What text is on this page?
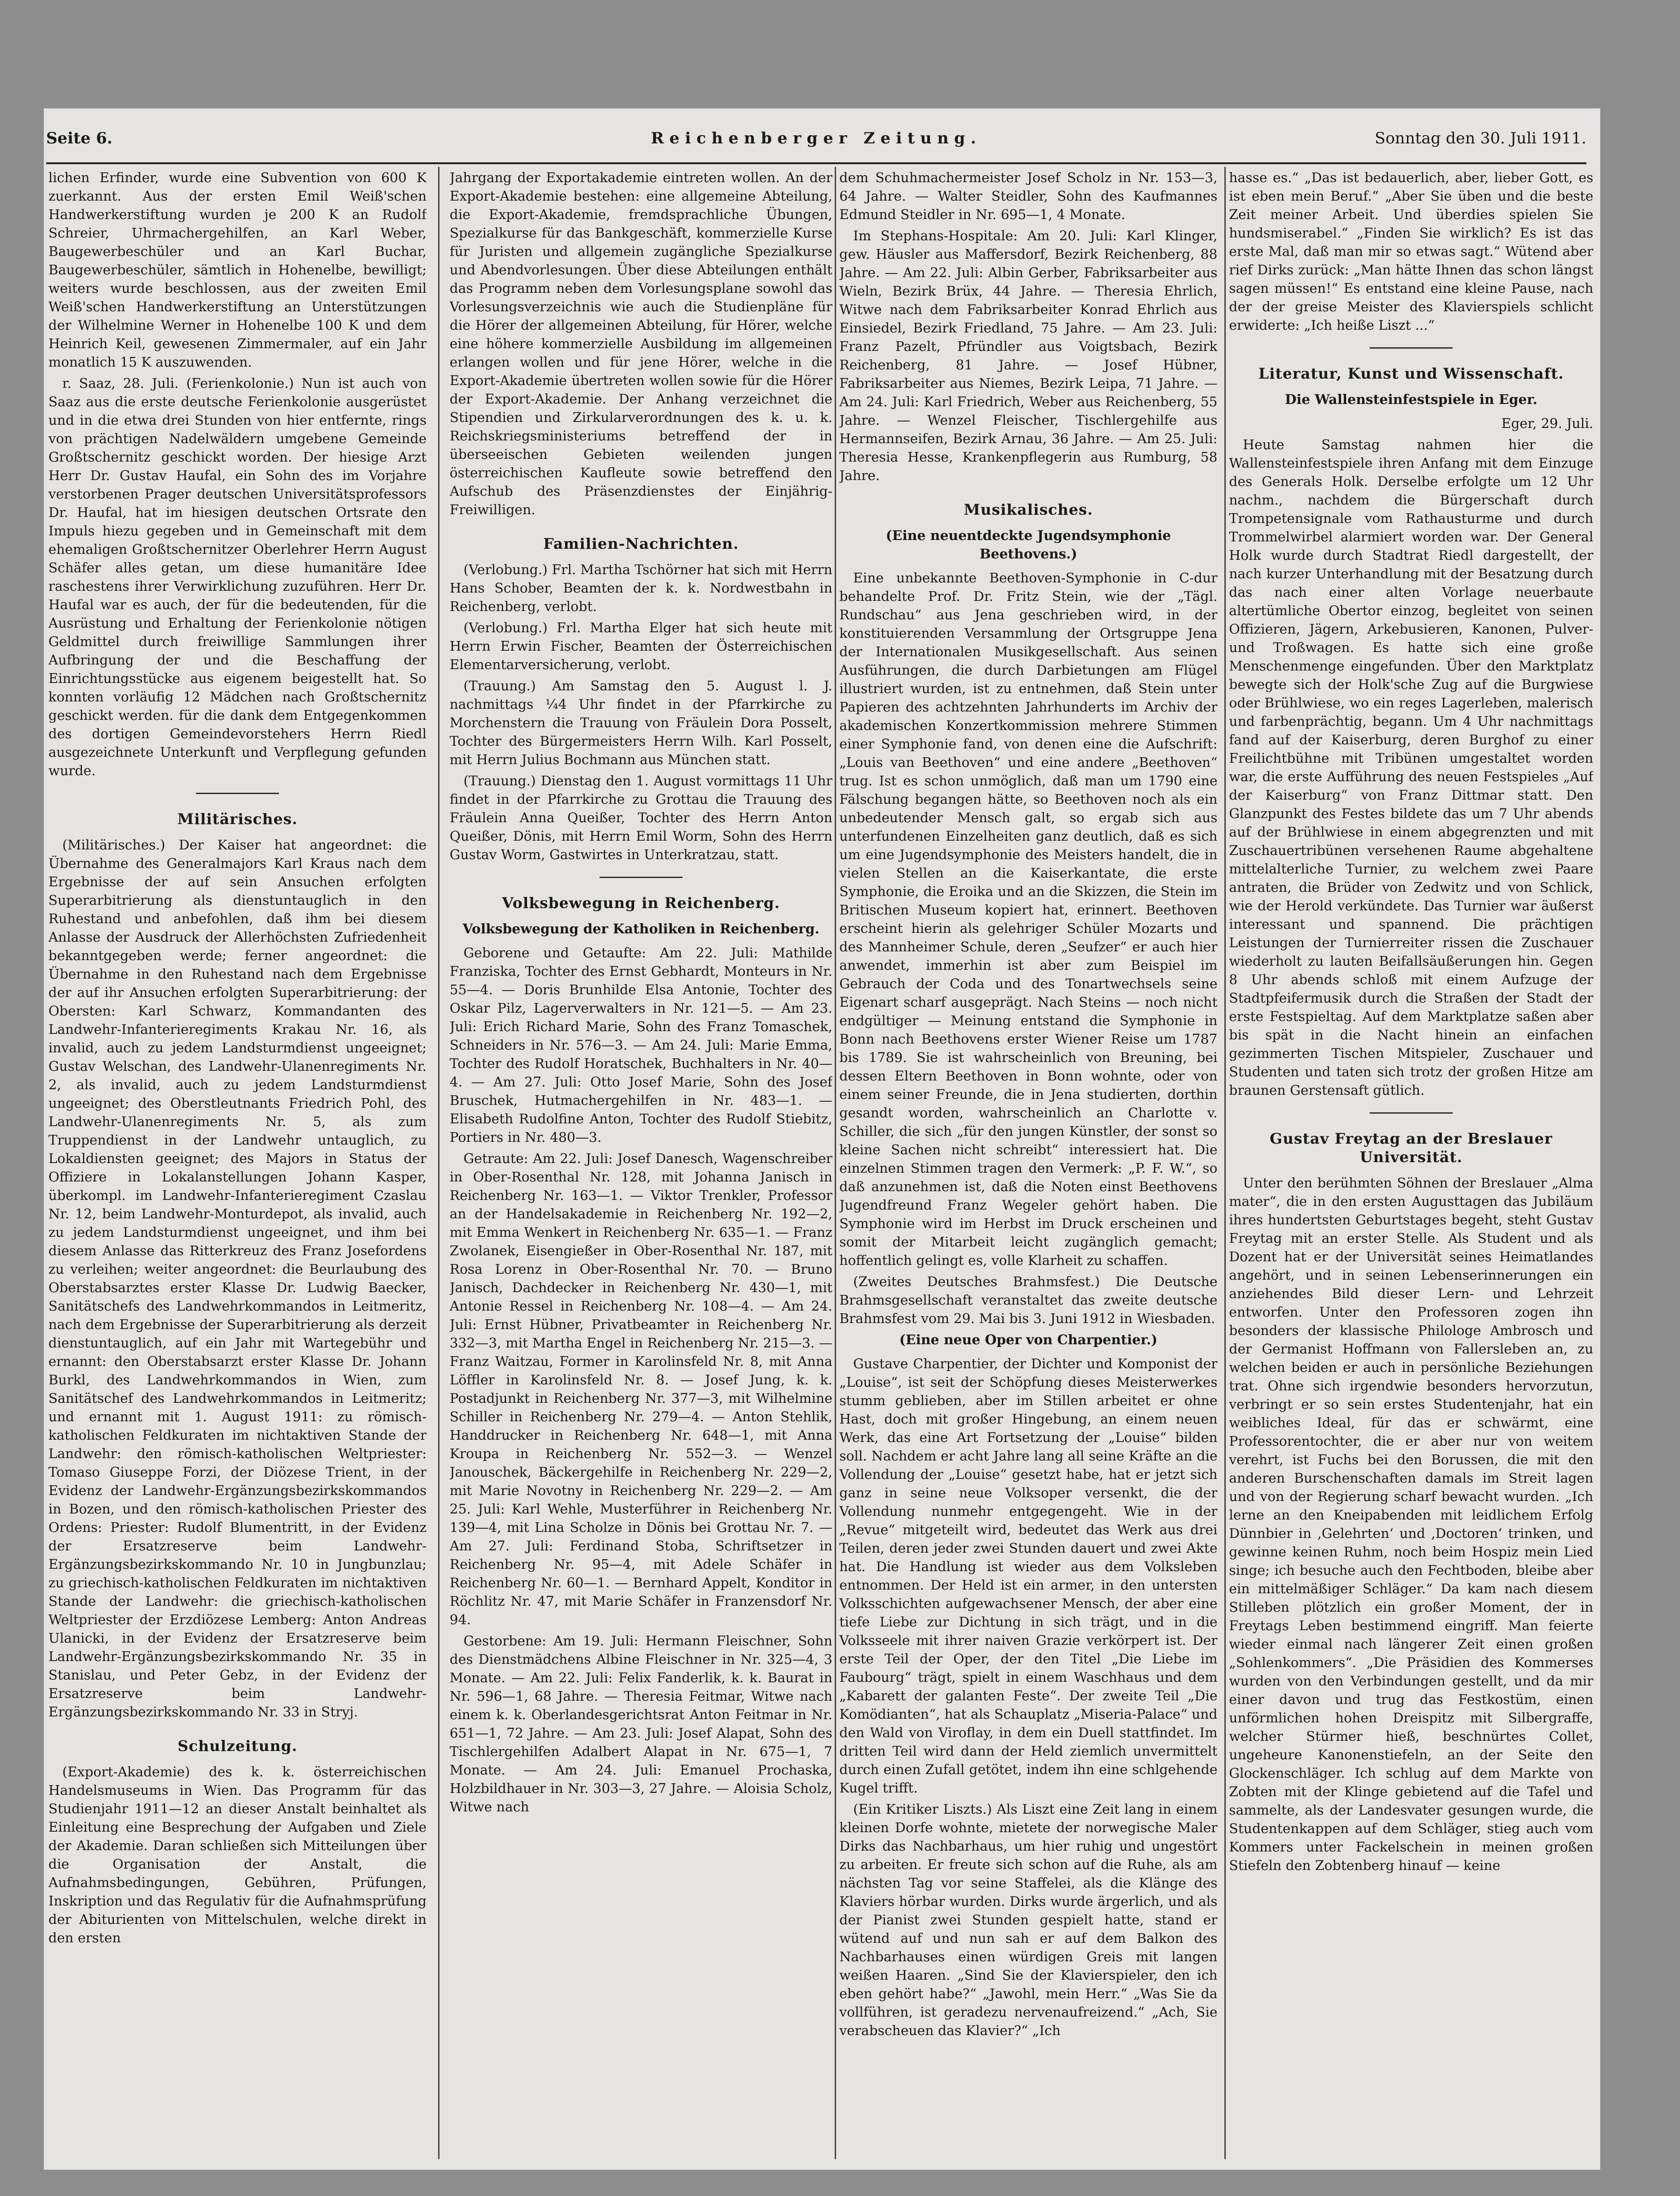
Seite 6.	Reichenberger Zeitung.	Sonntag den 30. Juli 1911.

lichen Erfinder, wurde eine Subvention von 600 K zuerkannt. Aus der ersten Emil Weiß'schen Handwerkerstiftung wurden je 200 K an Rudolf Schreier, Uhrmachergehilfen, an Karl Weber, Baugewerbeschüler und an Karl Buchar, Baugewerbeschüler, sämtlich in Hohenelbe, bewilligt; weiters wurde beschlossen, aus der zweiten Emil Weiß'schen Handwerkerstiftung an Unterstützungen der Wilhelmine Werner in Hohenelbe 100 K und dem Heinrich Keil, gewesenen Zimmermaler, auf ein Jahr monatlich 15 K auszuwenden.

r. Saaz, 28. Juli. (Ferienkolonie.) Nun ist auch von Saaz aus die erste deutsche Ferienkolonie ausgerüstet und in die etwa drei Stunden von hier entfernte, rings von prächtigen Nadelwäldern umgebene Gemeinde Großtschernitz geschickt worden. Der hiesige Arzt Herr Dr. Gustav Haufal, ein Sohn des im Vorjahre verstorbenen Prager deutschen Universitätsprofessors Dr. Haufal, hat im hiesigen deutschen Ortsrate den Impuls hiezu gegeben und in Gemeinschaft mit dem ehemaligen Großtschernitzer Oberlehrer Herrn August Schäfer alles getan, um diese humanitäre Idee raschestens ihrer Verwirklichung zuzuführen. Herr Dr. Haufal war es auch, der für die bedeutenden, für die Ausrüstung und Erhaltung der Ferienkolonie nötigen Geldmittel durch freiwillige Sammlungen ihrer Aufbringung der und die Beschaffung der Einrichtungsstücke aus eigenem beigestellt hat. So konnten vorläufig 12 Mädchen nach Großtschernitz geschickt werden. für die dank dem Entgegenkommen des dortigen Gemeindevorstehers Herrn Riedl ausgezeichnete Unterkunft und Verpflegung gefunden wurde.

Militärisches.

(Militärisches.) Der Kaiser hat angeordnet: die Übernahme des Generalmajors Karl Kraus nach dem Ergebnisse der auf sein Ansuchen erfolgten Superarbitrierung als dienstuntauglich in den Ruhestand und anbefohlen, daß ihm bei diesem Anlasse der Ausdruck der Allerhöchsten Zufriedenheit bekanntgegeben werde; ferner angeordnet: die Übernahme in den Ruhestand nach dem Ergebnisse der auf ihr Ansuchen erfolgten Superarbitrierung: der Obersten: Karl Schwarz, Kommandanten des Landwehr-Infanterieregiments Krakau Nr. 16, als invalid, auch zu jedem Landsturmdienst ungeeignet; Gustav Welschan, des Landwehr-Ulanenregiments Nr. 2, als invalid, auch zu jedem Landsturmdienst ungeeignet; des Oberstleutnants Friedrich Pohl, des Landwehr-Ulanenregiments Nr. 5, als zum Truppendienst in der Landwehr untauglich, zu Lokaldiensten geeignet; des Majors in Status der Offiziere in Lokalanstellungen Johann Kasper, überkompl. im Landwehr-Infanterieregiment Czaslau Nr. 12, beim Landwehr-Monturdepot, als invalid, auch zu jedem Landsturmdienst ungeeignet, und ihm bei diesem Anlasse das Ritterkreuz des Franz Josefordens zu verleihen; weiter angeordnet: die Beurlaubung des Oberstabsarztes erster Klasse Dr. Ludwig Baecker, Sanitätschefs des Landwehrkommandos in Leitmeritz, nach dem Ergebnisse der Superarbitrierung als derzeit dienstuntauglich, auf ein Jahr mit Wartegebühr und ernannt: den Oberstabsarzt erster Klasse Dr. Johann Burkl, des Landwehrkommandos in Wien, zum Sanitätschef des Landwehrkommandos in Leitmeritz; und ernannt mit 1. August 1911: zu römisch-katholischen Feldkuraten im nichtaktiven Stande der Landwehr: den römisch-katholischen Weltpriester: Tomaso Giuseppe Forzi, der Diözese Trient, in der Evidenz der Landwehr-Ergänzungsbezirkskommandos in Bozen, und den römisch-katholischen Priester des Ordens: Priester: Rudolf Blumentritt, in der Evidenz der Ersatzreserve beim Landwehr-Ergänzungsbezirkskommando Nr. 10 in Jungbunzlau; zu griechisch-katholischen Feldkuraten im nichtaktiven Stande der Landwehr: die griechisch-katholischen Weltpriester der Erzdiözese Lemberg: Anton Andreas Ulanicki, in der Evidenz der Ersatzreserve beim Landwehr-Ergänzungsbezirkskommando Nr. 35 in Stanislau, und Peter Gebz, in der Evidenz der Ersatzreserve beim Landwehr-Ergänzungsbezirkskommando Nr. 33 in Stryj.

Schulzeitung.

(Export-Akademie) des k. k. österreichischen Handelsmuseums in Wien. Das Programm für das Studienjahr 1911—12 an dieser Anstalt beinhaltet als Einleitung eine Besprechung der Aufgaben und Ziele der Akademie. Daran schließen sich Mitteilungen über die Organisation der Anstalt, die Aufnahmsbedingungen, Gebühren, Prüfungen, Inskription und das Regulativ für die Aufnahmsprüfung der Abiturienten von Mittelschulen, welche direkt in den ersten

Jahrgang der Exportakademie eintreten wollen. An der Export-Akademie bestehen: eine allgemeine Abteilung, die Export-Akademie, fremdsprachliche Übungen, Spezialkurse für das Bankgeschäft, kommerzielle Kurse für Juristen und allgemein zugängliche Spezialkurse und Abendvorlesungen. Über diese Abteilungen enthält das Programm neben dem Vorlesungsplane sowohl das Vorlesungsverzeichnis wie auch die Studienpläne für die Hörer der allgemeinen Abteilung, für Hörer, welche eine höhere kommerzielle Ausbildung im allgemeinen erlangen wollen und für jene Hörer, welche in die Export-Akademie übertreten wollen sowie für die Hörer der Export-Akademie. Der Anhang verzeichnet die Stipendien und Zirkularverordnungen des k. u. k. Reichskriegsministeriums betreffend der in überseeischen Gebieten weilenden jungen österreichischen Kaufleute sowie betreffend den Aufschub des Präsenzdienstes der Einjährig-Freiwilligen.

Familien-Nachrichten.

(Verlobung.) Frl. Martha Tschörner hat sich mit Herrn Hans Schober, Beamten der k. k. Nordwestbahn in Reichenberg, verlobt.

(Verlobung.) Frl. Martha Elger hat sich heute mit Herrn Erwin Fischer, Beamten der Österreichischen Elementarversicherung, verlobt.

(Trauung.) Am Samstag den 5. August l. J. nachmittags ¼4 Uhr findet in der Pfarrkirche zu Morchenstern die Trauung von Fräulein Dora Posselt, Tochter des Bürgermeisters Herrn Wilh. Karl Posselt, mit Herrn Julius Bochmann aus München statt.

(Trauung.) Dienstag den 1. August vormittags 11 Uhr findet in der Pfarrkirche zu Grottau die Trauung des Fräulein Anna Queißer, Tochter des Herrn Anton Queißer, Dönis, mit Herrn Emil Worm, Sohn des Herrn Gustav Worm, Gastwirtes in Unterkratzau, statt.

Volksbewegung in Reichenberg.
Volksbewegung der Katholiken in Reichenberg.

Geborene und Getaufte: Am 22. Juli: Mathilde Franziska, Tochter des Ernst Gebhardt, Monteurs in Nr. 55—4. — Doris Brunhilde Elsa Antonie, Tochter des Oskar Pilz, Lagerverwalters in Nr. 121—5. — Am 23. Juli: Erich Richard Marie, Sohn des Franz Tomaschek, Schneiders in Nr. 576—3. — Am 24. Juli: Marie Emma, Tochter des Rudolf Horatschek, Buchhalters in Nr. 40—4. — Am 27. Juli: Otto Josef Marie, Sohn des Josef Bruschek, Hutmachergehilfen in Nr. 483—1. — Elisabeth Rudolfine Anton, Tochter des Rudolf Stiebitz, Portiers in Nr. 480—3.

Getraute: Am 22. Juli: Josef Danesch, Wagenschreiber in Ober-Rosenthal Nr. 128, mit Johanna Janisch in Reichenberg Nr. 163—1. — Viktor Trenkler, Professor an der Handelsakademie in Reichenberg Nr. 192—2, mit Emma Wenkert in Reichenberg Nr. 635—1. — Franz Zwolanek, Eisengießer in Ober-Rosenthal Nr. 187, mit Rosa Lorenz in Ober-Rosenthal Nr. 70. — Bruno Janisch, Dachdecker in Reichenberg Nr. 430—1, mit Antonie Ressel in Reichenberg Nr. 108—4. — Am 24. Juli: Ernst Hübner, Privatbeamter in Reichenberg Nr. 332—3, mit Martha Engel in Reichenberg Nr. 215—3. — Franz Waitzau, Former in Karolinsfeld Nr. 8, mit Anna Löffler in Karolinsfeld Nr. 8. — Josef Jung, k. k. Postadjunkt in Reichenberg Nr. 377—3, mit Wilhelmine Schiller in Reichenberg Nr. 279—4. — Anton Stehlik, Handdrucker in Reichenberg Nr. 648—1, mit Anna Kroupa in Reichenberg Nr. 552—3. — Wenzel Janouschek, Bäckergehilfe in Reichenberg Nr. 229—2, mit Marie Novotny in Reichenberg Nr. 229—2. — Am 25. Juli: Karl Wehle, Musterführer in Reichenberg Nr. 139—4, mit Lina Scholze in Dönis bei Grottau Nr. 7. — Am 27. Juli: Ferdinand Stoba, Schriftsetzer in Reichenberg Nr. 95—4, mit Adele Schäfer in Reichenberg Nr. 60—1. — Bernhard Appelt, Konditor in Röchlitz Nr. 47, mit Marie Schäfer in Franzensdorf Nr. 94.

Gestorbene: Am 19. Juli: Hermann Fleischner, Sohn des Dienstmädchens Albine Fleischner in Nr. 325—4, 3 Monate. — Am 22. Juli: Felix Fanderlik, k. k. Baurat in Nr. 596—1, 68 Jahre. — Theresia Feitmar, Witwe nach einem k. k. Oberlandesgerichtsrat Anton Feitmar in Nr. 651—1, 72 Jahre. — Am 23. Juli: Josef Alapat, Sohn des Tischlergehilfen Adalbert Alapat in Nr. 675—1, 7 Monate. — Am 24. Juli: Emanuel Prochaska, Holzbildhauer in Nr. 303—3, 27 Jahre. — Aloisia Scholz, Witwe nach

dem Schuhmachermeister Josef Scholz in Nr. 153—3, 64 Jahre. — Walter Steidler, Sohn des Kaufmannes Edmund Steidler in Nr. 695—1, 4 Monate.

Im Stephans-Hospitale: Am 20. Juli: Karl Klinger, gew. Häusler aus Maffersdorf, Bezirk Reichenberg, 88 Jahre. — Am 22. Juli: Albin Gerber, Fabriksarbeiter aus Wieln, Bezirk Brüx, 44 Jahre. — Theresia Ehrlich, Witwe nach dem Fabriksarbeiter Konrad Ehrlich aus Einsiedel, Bezirk Friedland, 75 Jahre. — Am 23. Juli: Franz Pazelt, Pfründler aus Voigtsbach, Bezirk Reichenberg, 81 Jahre. — Josef Hübner, Fabriksarbeiter aus Niemes, Bezirk Leipa, 71 Jahre. — Am 24. Juli: Karl Friedrich, Weber aus Reichenberg, 55 Jahre. — Wenzel Fleischer, Tischlergehilfe aus Hermannseifen, Bezirk Arnau, 36 Jahre. — Am 25. Juli: Theresia Hesse, Krankenpflegerin aus Rumburg, 58 Jahre.

Musikalisches.
(Eine neuentdeckte Jugendsymphonie Beethovens.)

Eine unbekannte Beethoven-Symphonie in C-dur behandelte Prof. Dr. Fritz Stein, wie der „Tägl. Rundschau“ aus Jena geschrieben wird, in der konstituierenden Versammlung der Ortsgruppe Jena der Internationalen Musikgesellschaft. Aus seinen Ausführungen, die durch Darbietungen am Flügel illustriert wurden, ist zu entnehmen, daß Stein unter Papieren des achtzehnten Jahrhunderts im Archiv der akademischen Konzertkommission mehrere Stimmen einer Symphonie fand, von denen eine die Aufschrift: „Louis van Beethoven“ und eine andere „Beethoven“ trug. Ist es schon unmöglich, daß man um 1790 eine Fälschung begangen hätte, so Beethoven noch als ein unbedeutender Mensch galt, so ergab sich aus unterfundenen Einzelheiten ganz deutlich, daß es sich um eine Jugendsymphonie des Meisters handelt, die in vielen Stellen an die Kaiserkantate, die erste Symphonie, die Eroika und an die Skizzen, die Stein im Britischen Museum kopiert hat, erinnert. Beethoven erscheint hierin als gelehriger Schüler Mozarts und des Mannheimer Schule, deren „Seufzer“ er auch hier anwendet, immerhin ist aber zum Beispiel im Gebrauch der Coda und des Tonartwechsels seine Eigenart scharf ausgeprägt. Nach Steins — noch nicht endgültiger — Meinung entstand die Symphonie in Bonn nach Beethovens erster Wiener Reise um 1787 bis 1789. Sie ist wahrscheinlich von Breuning, bei dessen Eltern Beethoven in Bonn wohnte, oder von einem seiner Freunde, die in Jena studierten, dorthin gesandt worden, wahrscheinlich an Charlotte v. Schiller, die sich „für den jungen Künstler, der sonst so kleine Sachen nicht schreibt“ interessiert hat. Die einzelnen Stimmen tragen den Vermerk: „P. F. W.“, so daß anzunehmen ist, daß die Noten einst Beethovens Jugendfreund Franz Wegeler gehört haben. Die Symphonie wird im Herbst im Druck erscheinen und somit der Mitarbeit leicht zugänglich gemacht; hoffentlich gelingt es, volle Klarheit zu schaffen.

(Zweites Deutsches Brahmsfest.) Die Deutsche Brahmsgesellschaft veranstaltet das zweite deutsche Brahmsfest vom 29. Mai bis 3. Juni 1912 in Wiesbaden.

(Eine neue Oper von Charpentier.)

Gustave Charpentier, der Dichter und Komponist der „Louise“, ist seit der Schöpfung dieses Meisterwerkes stumm geblieben, aber im Stillen arbeitet er ohne Hast, doch mit großer Hingebung, an einem neuen Werk, das eine Art Fortsetzung der „Louise“ bilden soll. Nachdem er acht Jahre lang all seine Kräfte an die Vollendung der „Louise“ gesetzt habe, hat er jetzt sich ganz in seine neue Volksoper versenkt, die der Vollendung nunmehr entgegengeht. Wie in der „Revue“ mitgeteilt wird, bedeutet das Werk aus drei Teilen, deren jeder zwei Stunden dauert und zwei Akte hat. Die Handlung ist wieder aus dem Volksleben entnommen. Der Held ist ein armer, in den untersten Volksschichten aufgewachsener Mensch, der aber eine tiefe Liebe zur Dichtung in sich trägt, und in die Volksseele mit ihrer naiven Grazie verkörpert ist. Der erste Teil der Oper, der den Titel „Die Liebe im Faubourg“ trägt, spielt in einem Waschhaus und dem „Kabarett der galanten Feste“. Der zweite Teil „Die Komödianten“, hat als Schauplatz „Miseria-Palace“ und den Wald von Viroflay, in dem ein Duell stattfindet. Im dritten Teil wird dann der Held ziemlich unvermittelt durch einen Zufall getötet, indem ihn eine schlgehende Kugel trifft.

(Ein Kritiker Liszts.) Als Liszt eine Zeit lang in einem kleinen Dorfe wohnte, mietete der norwegische Maler Dirks das Nachbarhaus, um hier ruhig und ungestört zu arbeiten. Er freute sich schon auf die Ruhe, als am nächsten Tag vor seine Staffelei, als die Klänge des Klaviers hörbar wurden. Dirks wurde ärgerlich, und als der Pianist zwei Stunden gespielt hatte, stand er wütend auf und nun sah er auf dem Balkon des Nachbarhauses einen würdigen Greis mit langen weißen Haaren. „Sind Sie der Klavierspieler, den ich eben gehört habe?“ „Jawohl, mein Herr.“ „Was Sie da vollführen, ist geradezu nervenaufreizend.“ „Ach, Sie verabscheuen das Klavier?“ „Ich

hasse es.“ „Das ist bedauerlich, aber, lieber Gott, es ist eben mein Beruf.“ „Aber Sie üben und die beste Zeit meiner Arbeit. Und überdies spielen Sie hundsmiserabel.“ „Finden Sie wirklich? Es ist das erste Mal, daß man mir so etwas sagt.“ Wütend aber rief Dirks zurück: „Man hätte Ihnen das schon längst sagen müssen!“ Es entstand eine kleine Pause, nach der der greise Meister des Klavierspiels schlicht erwiderte: „Ich heiße Liszt ...“

Literatur, Kunst und Wissenschaft.
Die Wallensteinfestspiele in Eger.

Eger, 29. Juli.

Heute Samstag nahmen hier die Wallensteinfestspiele ihren Anfang mit dem Einzuge des Generals Holk. Derselbe erfolgte um 12 Uhr nachm., nachdem die Bürgerschaft durch Trompetensignale vom Rathausturme und durch Trommelwirbel alarmiert worden war. Der General Holk wurde durch Stadtrat Riedl dargestellt, der nach kurzer Unterhandlung mit der Besatzung durch das nach einer alten Vorlage neuerbaute altertümliche Obertor einzog, begleitet von seinen Offizieren, Jägern, Arkebusieren, Kanonen, Pulver- und Troßwagen. Es hatte sich eine große Menschenmenge eingefunden. Über den Marktplatz bewegte sich der Holk'sche Zug auf die Burgwiese oder Brühlwiese, wo ein reges Lagerleben, malerisch und farbenprächtig, begann. Um 4 Uhr nachmittags fand auf der Kaiserburg, deren Burghof zu einer Freilichtbühne mit Tribünen umgestaltet worden war, die erste Aufführung des neuen Festspieles „Auf der Kaiserburg“ von Franz Dittmar statt. Den Glanzpunkt des Festes bildete das um 7 Uhr abends auf der Brühlwiese in einem abgegrenzten und mit Zuschauertribünen versehenen Raume abgehaltene mittelalterliche Turnier, zu welchem zwei Paare antraten, die Brüder von Zedwitz und von Schlick, wie der Herold verkündete. Das Turnier war äußerst interessant und spannend. Die prächtigen Leistungen der Turnierreiter rissen die Zuschauer wiederholt zu lauten Beifallsäußerungen hin. Gegen 8 Uhr abends schloß mit einem Aufzuge der Stadtpfeifermusik durch die Straßen der Stadt der erste Festspieltag. Auf dem Marktplatze saßen aber bis spät in die Nacht hinein an einfachen gezimmerten Tischen Mitspieler, Zuschauer und Studenten und taten sich trotz der großen Hitze am braunen Gerstensaft gütlich.

Gustav Freytag an der Breslauer Universität.

Unter den berühmten Söhnen der Breslauer „Alma mater“, die in den ersten Augusttagen das Jubiläum ihres hundertsten Geburtstages begeht, steht Gustav Freytag mit an erster Stelle. Als Student und als Dozent hat er der Universität seines Heimatlandes angehört, und in seinen Lebenserinnerungen ein anziehendes Bild dieser Lern- und Lehrzeit entworfen. Unter den Professoren zogen ihn besonders der klassische Philologe Ambrosch und der Germanist Hoffmann von Fallersleben an, zu welchen beiden er auch in persönliche Beziehungen trat. Ohne sich irgendwie besonders hervorzutun, verbringt er so sein erstes Studentenjahr, hat ein weibliches Ideal, für das er schwärmt, eine Professorentochter, die er aber nur von weitem verehrt, ist Fuchs bei den Borussen, die mit den anderen Burschenschaften damals im Streit lagen und von der Regierung scharf bewacht wurden. „Ich lerne an den Kneipabenden mit leidlichem Erfolg Dünnbier in ‚Gelehrten‘ und ‚Doctoren‘ trinken, und gewinne keinen Ruhm, noch beim Hospiz mein Lied singe; ich besuche auch den Fechtboden, bleibe aber ein mittelmäßiger Schläger.“ Da kam nach diesem Stilleben plötzlich ein großer Moment, der in Freytags Leben bestimmend eingriff. Man feierte wieder einmal nach längerer Zeit einen großen „Sohlenkommers“. „Die Präsidien des Kommerses wurden von den Verbindungen gestellt, und da mir einer davon und trug das Festkostüm, einen unförmlichen hohen Dreispitz mit Silbergraffe, welcher Stürmer hieß, beschnürtes Collet, ungeheure Kanonenstiefeln, an der Seite den Glockenschläger. Ich schlug auf dem Markte von Zobten mit der Klinge gebietend auf die Tafel und sammelte, als der Landesvater gesungen wurde, die Studentenkappen auf dem Schläger, stieg auch vom Kommers unter Fackelschein in meinen großen Stiefeln den Zobtenberg hinauf — keine
